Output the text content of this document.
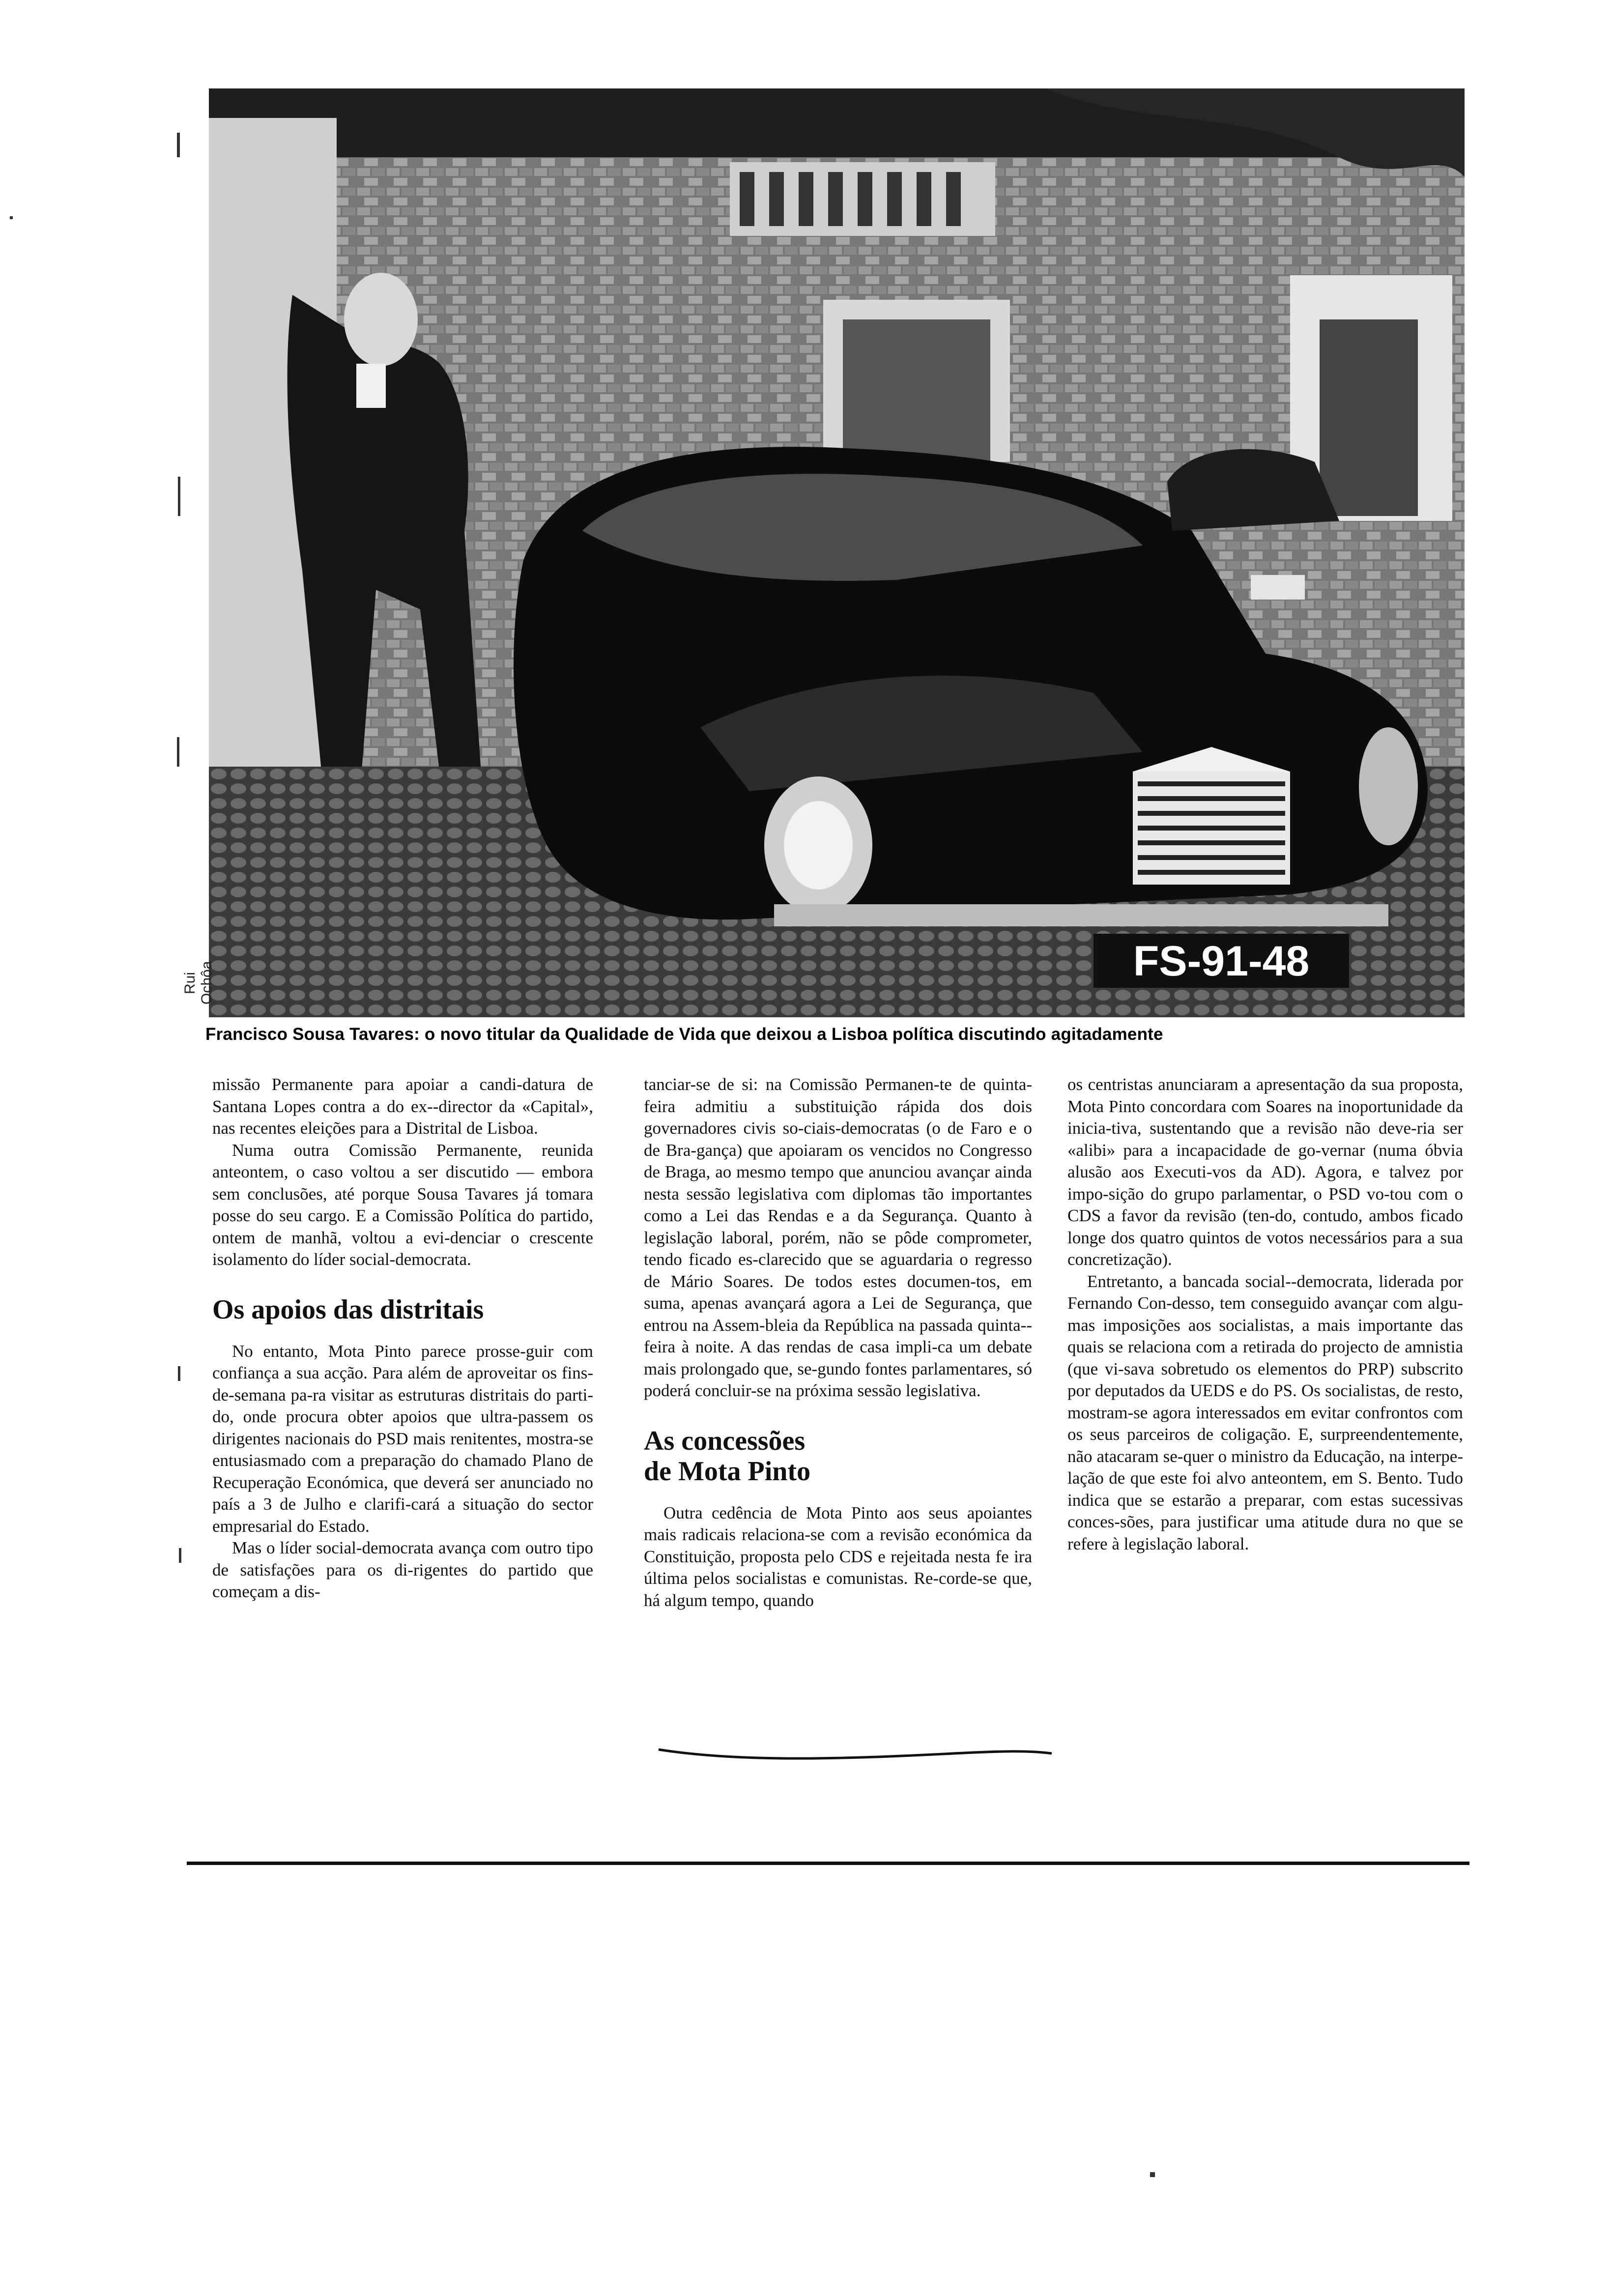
FS-91-48
Rui Ochôa
Francisco Sousa Tavares: o novo titular da Qualidade de Vida que deixou a Lisboa política discutindo agitadamente

missão Permanente para apoiar a candi-datura de Santana Lopes contra a do ex--director da «Capital», nas recentes eleições para a Distrital de Lisboa.

Numa outra Comissão Permanente, reunida anteontem, o caso voltou a ser discutido — embora sem conclusões, até porque Sousa Tavares já tomara posse do seu cargo. E a Comissão Política do partido, ontem de manhã, voltou a evi-denciar o crescente isolamento do líder social-democrata.

Os apoios das distritais

No entanto, Mota Pinto parece prosse-guir com confiança a sua acção. Para além de aproveitar os fins-de-semana pa-ra visitar as estruturas distritais do parti-do, onde procura obter apoios que ultra-passem os dirigentes nacionais do PSD mais renitentes, mostra-se entusiasmado com a preparação do chamado Plano de Recuperação Económica, que deverá ser anunciado no país a 3 de Julho e clarifi-cará a situação do sector empresarial do Estado.

Mas o líder social-democrata avança com outro tipo de satisfações para os di-rigentes do partido que começam a dis-

tanciar-se de si: na Comissão Permanen-te de quinta-feira admitiu a substituição rápida dos dois governadores civis so-ciais-democratas (o de Faro e o de Bra-gança) que apoiaram os vencidos no Congresso de Braga, ao mesmo tempo que anunciou avançar ainda nesta sessão legislativa com diplomas tão importantes como a Lei das Rendas e a da Segurança. Quanto à legislação laboral, porém, não se pôde comprometer, tendo ficado es-clarecido que se aguardaria o regresso de Mário Soares. De todos estes documen-tos, em suma, apenas avançará agora a Lei de Segurança, que entrou na Assem-bleia da República na passada quinta--feira à noite. A das rendas de casa impli-ca um debate mais prolongado que, se-gundo fontes parlamentares, só poderá concluir-se na próxima sessão legislativa.

As concessões
de Mota Pinto

Outra cedência de Mota Pinto aos seus apoiantes mais radicais relaciona-se com a revisão económica da Constituição, proposta pelo CDS e rejeitada nesta fe ira última pelos socialistas e comunistas. Re-corde-se que, há algum tempo, quando

os centristas anunciaram a apresentação da sua proposta, Mota Pinto concordara com Soares na inoportunidade da inicia-tiva, sustentando que a revisão não deve-ria ser «alibi» para a incapacidade de go-vernar (numa óbvia alusão aos Executi-vos da AD). Agora, e talvez por impo-sição do grupo parlamentar, o PSD vo-tou com o CDS a favor da revisão (ten-do, contudo, ambos ficado longe dos quatro quintos de votos necessários para a sua concretização).

Entretanto, a bancada social--democrata, liderada por Fernando Con-desso, tem conseguido avançar com algu-mas imposições aos socialistas, a mais importante das quais se relaciona com a retirada do projecto de amnistia (que vi-sava sobretudo os elementos do PRP) subscrito por deputados da UEDS e do PS. Os socialistas, de resto, mostram-se agora interessados em evitar confrontos com os seus parceiros de coligação. E, surpreendentemente, não atacaram se-quer o ministro da Educação, na interpe-lação de que este foi alvo anteontem, em S. Bento. Tudo indica que se estarão a preparar, com estas sucessivas conces-sões, para justificar uma atitude dura no que se refere à legislação laboral.
